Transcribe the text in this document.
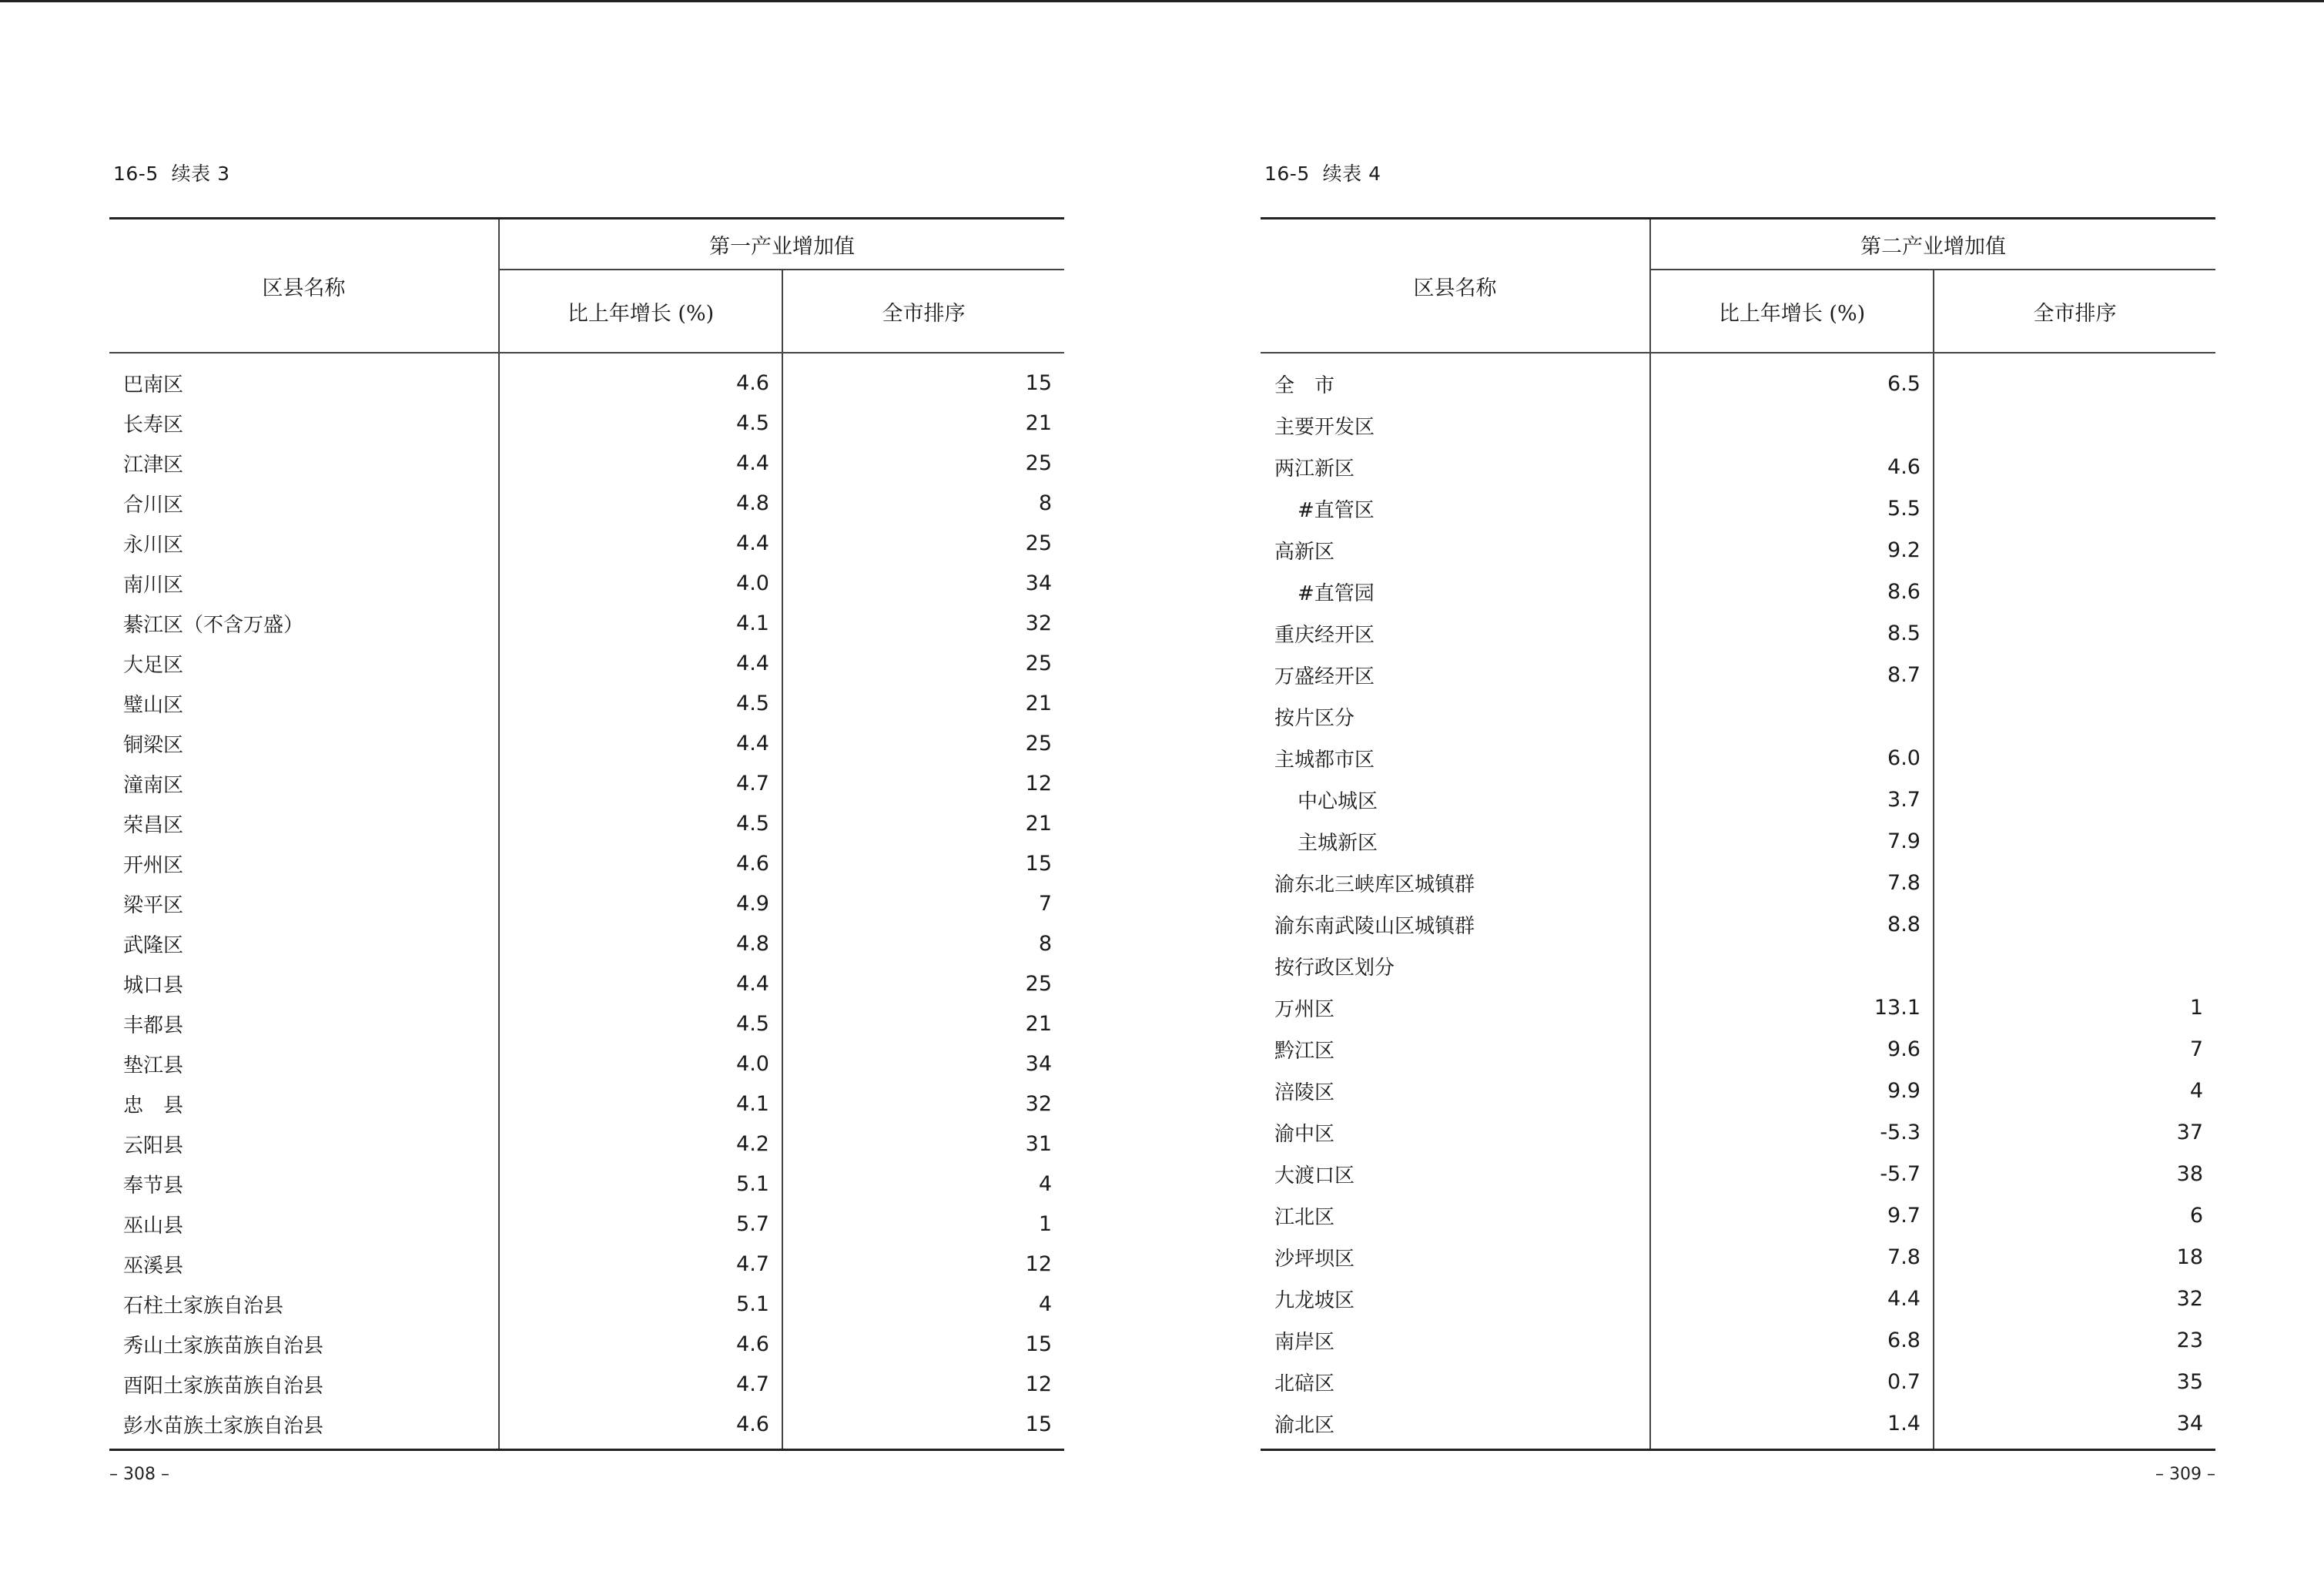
16-5  续表 3
区县名称	第一产业增加值	
	比上年增长 (%)	全市排序
巴南区	4.6	15
长寿区	4.5	21
江津区	4.4	25
合川区	4.8	8
永川区	4.4	25
南川区	4.0	34
綦江区（不含万盛）	4.1	32
大足区	4.4	25
璧山区	4.5	21
铜梁区	4.4	25
潼南区	4.7	12
荣昌区	4.5	21
开州区	4.6	15
梁平区	4.9	7
武隆区	4.8	8
城口县	4.4	25
丰都县	4.5	21
垫江县	4.0	34
忠　县	4.1	32
云阳县	4.2	31
奉节县	5.1	4
巫山县	5.7	1
巫溪县	4.7	12
石柱土家族自治县	5.1	4
秀山土家族苗族自治县	4.6	15
酉阳土家族苗族自治县	4.7	12
彭水苗族土家族自治县	4.6	15
– 308 –
16-5  续表 4
区县名称	第二产业增加值	
	比上年增长 (%)	全市排序
全　市	6.5	
主要开发区		
两江新区	4.6	
#直管区	5.5	
高新区	9.2	
#直管园	8.6	
重庆经开区	8.5	
万盛经开区	8.7	
按片区分		
主城都市区	6.0	
中心城区	3.7	
主城新区	7.9	
渝东北三峡库区城镇群	7.8	
渝东南武陵山区城镇群	8.8	
按行政区划分		
万州区	13.1	1
黔江区	9.6	7
涪陵区	9.9	4
渝中区	-5.3	37
大渡口区	-5.7	38
江北区	9.7	6
沙坪坝区	7.8	18
九龙坡区	4.4	32
南岸区	6.8	23
北碚区	0.7	35
渝北区	1.4	34
– 309 –
